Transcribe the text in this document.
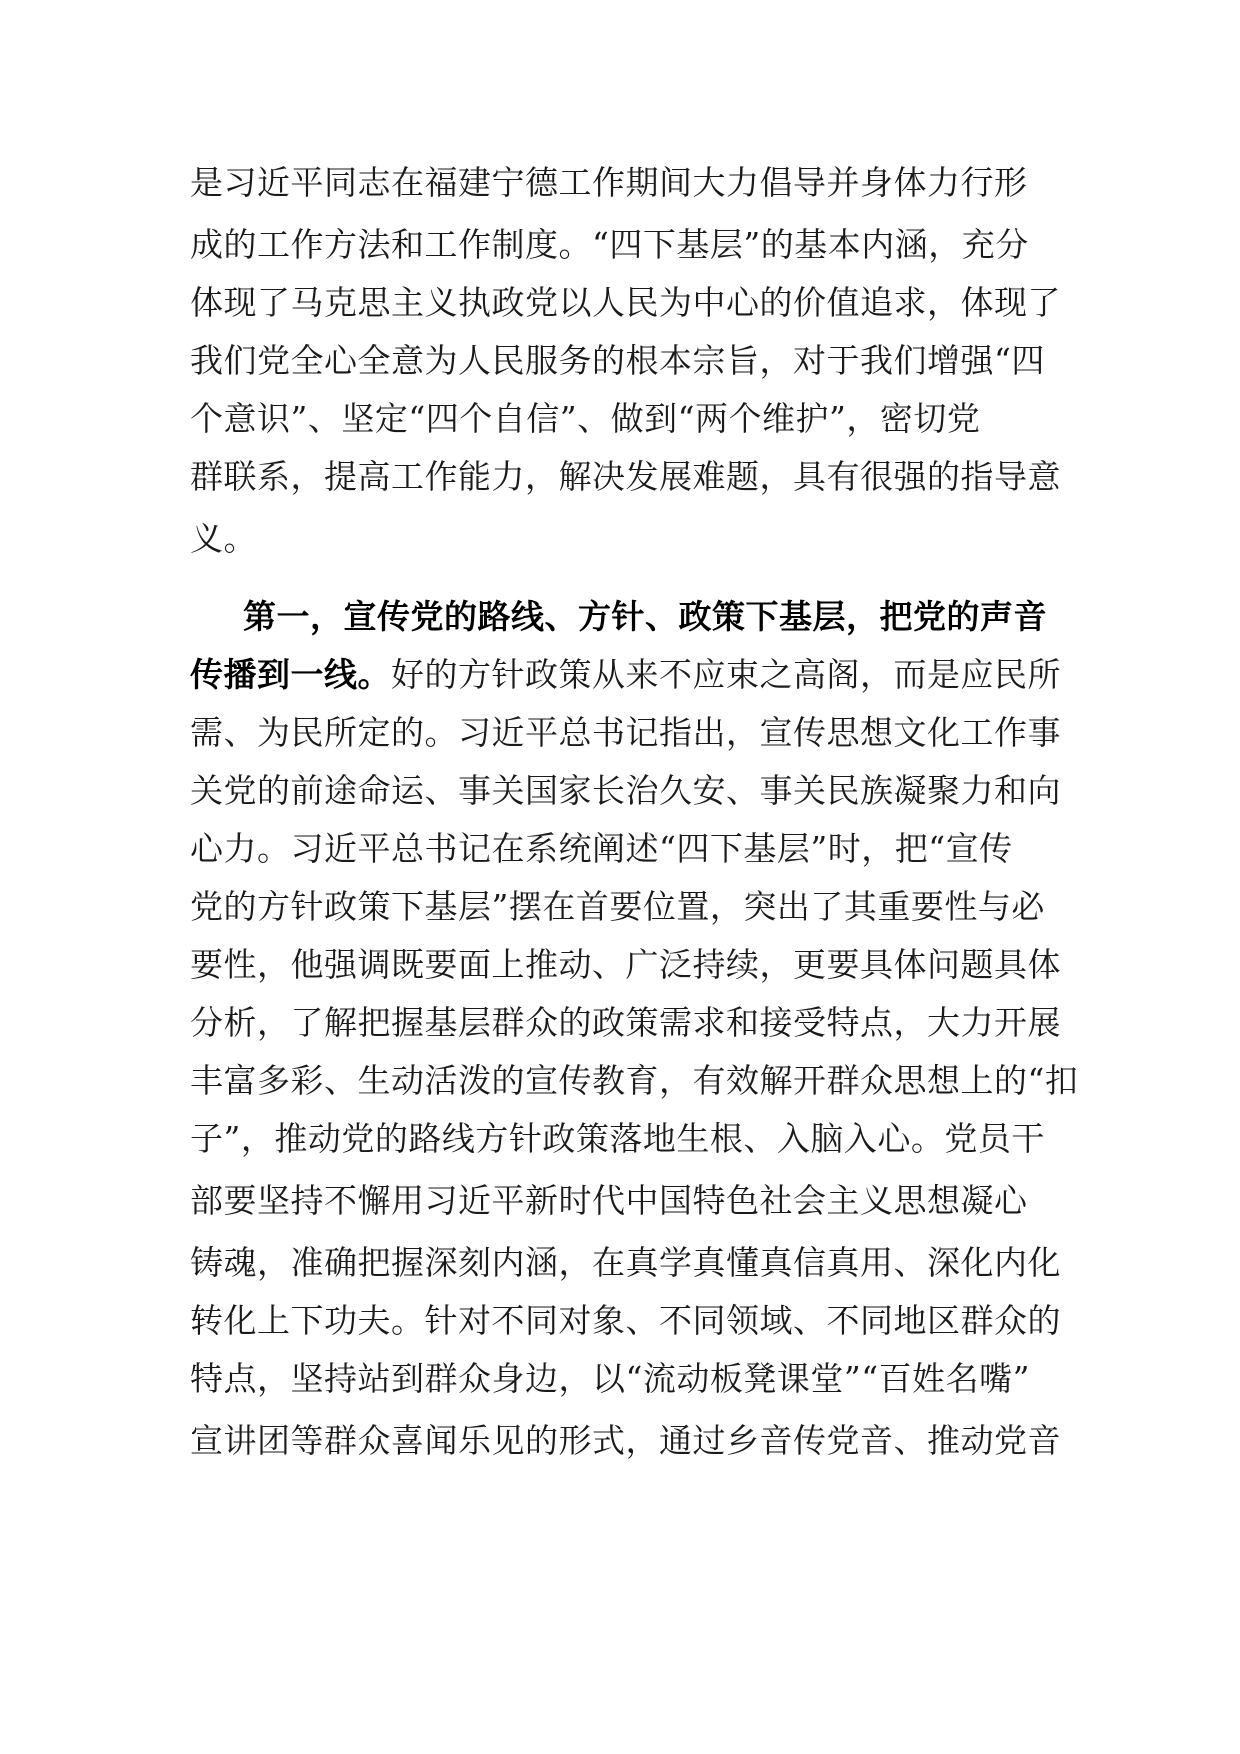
是习近平同志在福建宁德工作期间大力倡导并身体力行形
成的工作方法和工作制度。“四下基层”的基本内涵，充分
体现了马克思主义执政党以人民为中心的价值追求，体现了
我们党全心全意为人民服务的根本宗旨，对于我们增强“四
个意识”、坚定“四个自信”、做到“两个维护”，密切党
群联系，提高工作能力，解决发展难题，具有很强的指导意
义。
第一，宣传党的路线、方针、政策下基层，把党的声音
传播到一线。好的方针政策从来不应束之高阁，而是应民所
需、为民所定的。习近平总书记指出，宣传思想文化工作事
关党的前途命运、事关国家长治久安、事关民族凝聚力和向
心力。习近平总书记在系统阐述“四下基层”时，把“宣传
党的方针政策下基层”摆在首要位置，突出了其重要性与必
要性，他强调既要面上推动、广泛持续，更要具体问题具体
分析，了解把握基层群众的政策需求和接受特点，大力开展
丰富多彩、生动活泼的宣传教育，有效解开群众思想上的“扣
子”，推动党的路线方针政策落地生根、入脑入心。党员干
部要坚持不懈用习近平新时代中国特色社会主义思想凝心
铸魂，准确把握深刻内涵，在真学真懂真信真用、深化内化
转化上下功夫。针对不同对象、不同领域、不同地区群众的
特点，坚持站到群众身边，以“流动板凳课堂”“百姓名嘴”
宣讲团等群众喜闻乐见的形式，通过乡音传党音、推动党音
